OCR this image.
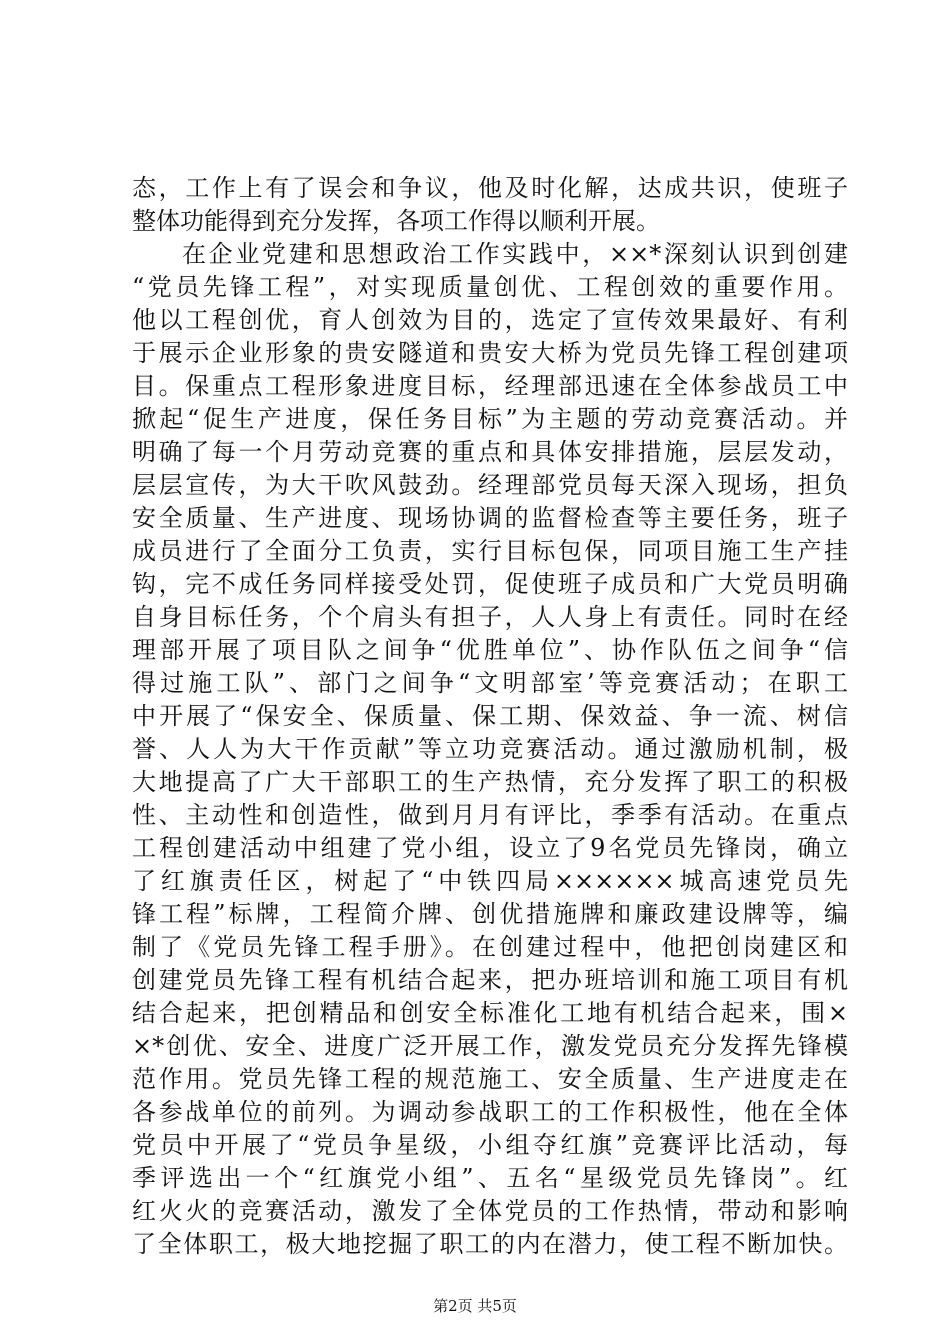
态，工作上有了误会和争议，他及时化解，达成共识，使班子
整体功能得到充分发挥，各项工作得以顺利开展。
在企业党建和思想政治工作实践中，××*深刻认识到创建
“党员先锋工程”，对实现质量创优、工程创效的重要作用。
他以工程创优，育人创效为目的，选定了宣传效果最好、有利
于展示企业形象的贵安隧道和贵安大桥为党员先锋工程创建项
目。保重点工程形象进度目标，经理部迅速在全体参战员工中
掀起“促生产进度，保任务目标”为主题的劳动竞赛活动。并
明确了每一个月劳动竞赛的重点和具体安排措施，层层发动，
层层宣传，为大干吹风鼓劲。经理部党员每天深入现场，担负
安全质量、生产进度、现场协调的监督检查等主要任务，班子
成员进行了全面分工负责，实行目标包保，同项目施工生产挂
钩，完不成任务同样接受处罚，促使班子成员和广大党员明确
自身目标任务，个个肩头有担子，人人身上有责任。同时在经
理部开展了项目队之间争“优胜单位”、协作队伍之间争“信
得过施工队”、部门之间争“文明部室’等竞赛活动；在职工
中开展了“保安全、保质量、保工期、保效益、争一流、树信
誉、人人为大干作贡献”等立功竞赛活动。通过激励机制，极
大地提高了广大干部职工的生产热情，充分发挥了职工的积极
性、主动性和创造性，做到月月有评比，季季有活动。在重点
工程创建活动中组建了党小组，设立了9名党员先锋岗，确立
了红旗责任区，树起了“中铁四局××××××城高速党员先
锋工程”标牌，工程简介牌、创优措施牌和廉政建设牌等，编
制了《党员先锋工程手册》。在创建过程中，他把创岗建区和
创建党员先锋工程有机结合起来，把办班培训和施工项目有机
结合起来，把创精品和创安全标准化工地有机结合起来，围×
×*创优、安全、进度广泛开展工作，激发党员充分发挥先锋模
范作用。党员先锋工程的规范施工、安全质量、生产进度走在
各参战单位的前列。为调动参战职工的工作积极性，他在全体
党员中开展了“党员争星级，小组夺红旗”竞赛评比活动，每
季评选出一个“红旗党小组”、五名“星级党员先锋岗”。红
红火火的竞赛活动，激发了全体党员的工作热情，带动和影响
了全体职工，极大地挖掘了职工的内在潜力，使工程不断加快。
第2页 共5页
